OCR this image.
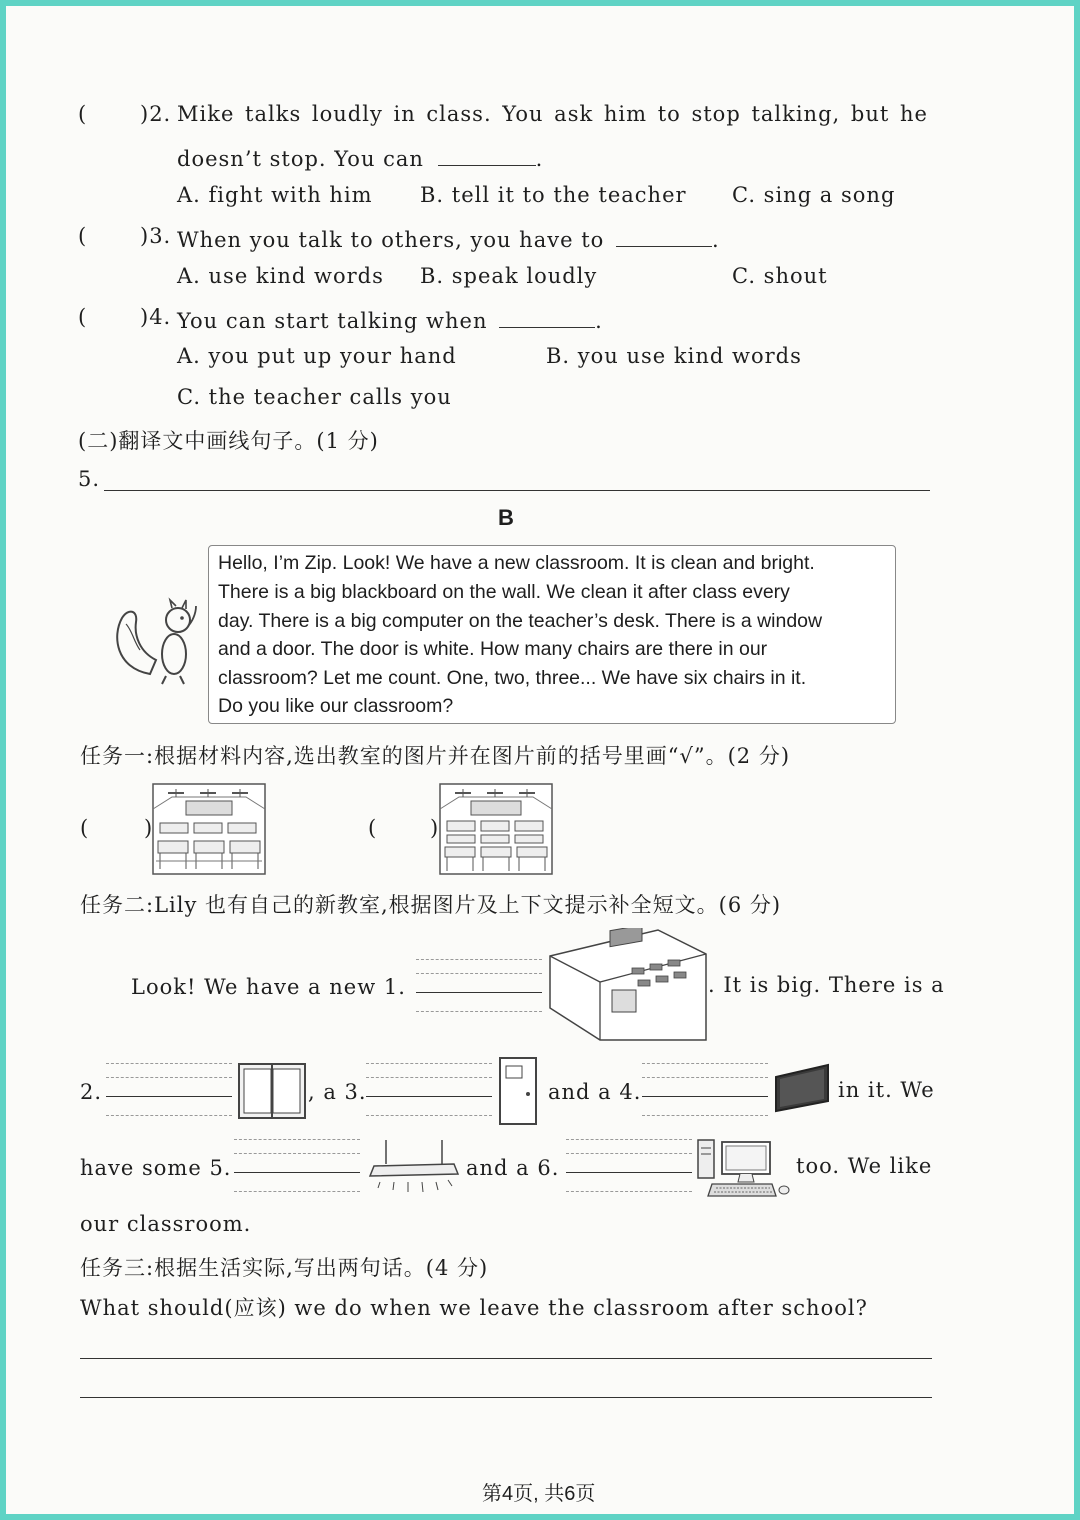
(	)2. Mike talks loudly in class. You ask him to stop talking, but he
doesn’t stop. You can	.
A. fight with him B. tell it to the teacher C. sing a song
(	)3. When you talk to others, you have to	.
A. use kind words B. speak loudly	C. shout
(	)4. You can start talking when	.
A. you put up your hand	B. you use kind words
C. the teacher calls you
(二)翻译文中画线句子。(1 分)
5.
B
Hello, I’m Zip. Look! We have a new classroom. It is clean and bright.
There is a big blackboard on the wall. We clean it after class every
day. There is a big computer on the teacher’s desk. There is a window
and a door. The door is white. How many chairs are there in our
classroom? Let me count. One, two, three... We have six chairs in it.
Do you like our classroom?
任务一:根据材料内容,选出教室的图片并在图片前的括号里画“√”。(2 分)
(	)	(	)
任务二:Lily 也有自己的新教室,根据图片及上下文提示补全短文。(6 分)
Look! We have a new 1.	. It is big. There is a
2.	, a 3.	and a 4.	in it. We
have some 5.	and a 6.	too. We like
our classroom.
任务三:根据生活实际,写出两句话。(4 分)
What should(应该) we do when we leave the classroom after school?
第4页, 共6页
